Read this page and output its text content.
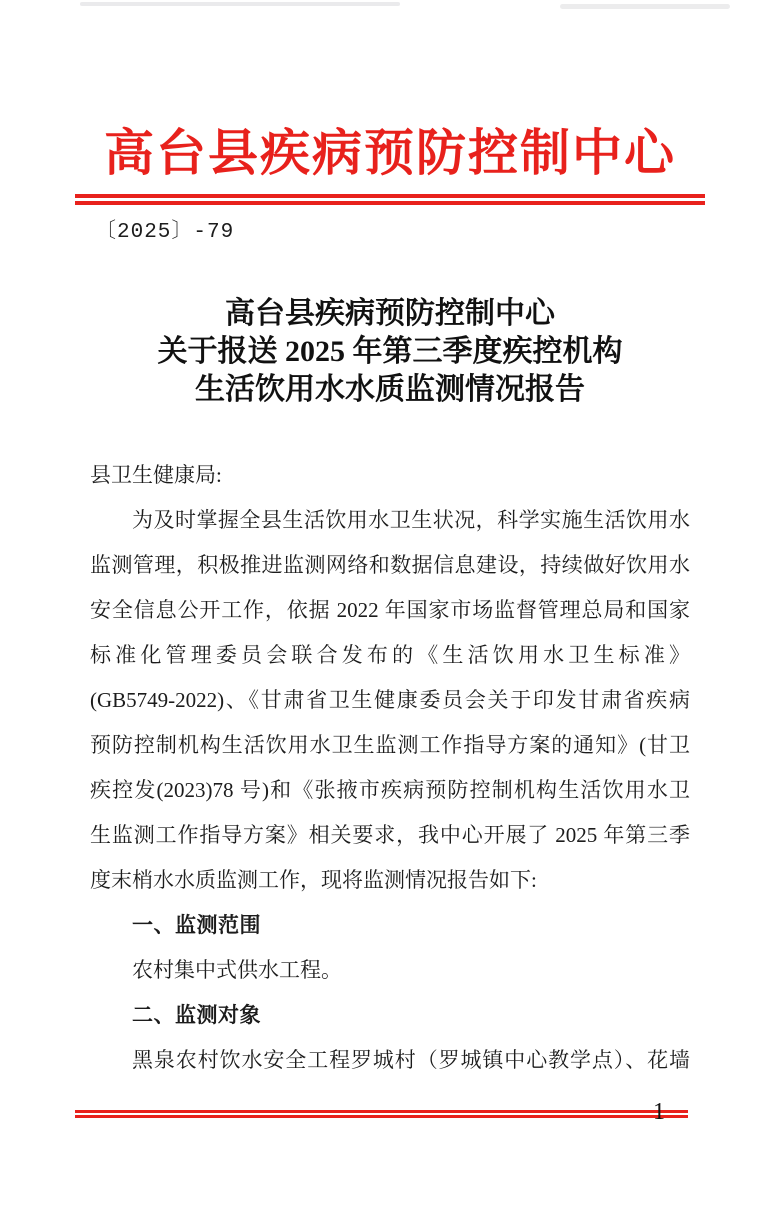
高台县疾病预防控制中心
〔2025〕-79
高台县疾病预防控制中心
关于报送 2025 年第三季度疾控机构
生活饮用水水质监测情况报告
县卫生健康局:
为及时掌握全县生活饮用水卫生状况，科学实施生活饮用水
监测管理，积极推进监测网络和数据信息建设，持续做好饮用水
安全信息公开工作，依据 2022 年国家市场监督管理总局和国家
标准化管理委员会联合发布的《生活饮用水卫生标准》
(GB5749-2022)、《甘肃省卫生健康委员会关于印发甘肃省疾病
预防控制机构生活饮用水卫生监测工作指导方案的通知》(甘卫
疾控发(2023)78 号)和《张掖市疾病预防控制机构生活饮用水卫
生监测工作指导方案》相关要求，我中心开展了 2025 年第三季
度末梢水水质监测工作，现将监测情况报告如下:
一、监测范围
农村集中式供水工程。
二、监测对象
黑泉农村饮水安全工程罗城村（罗城镇中心教学点）、花墙
1
